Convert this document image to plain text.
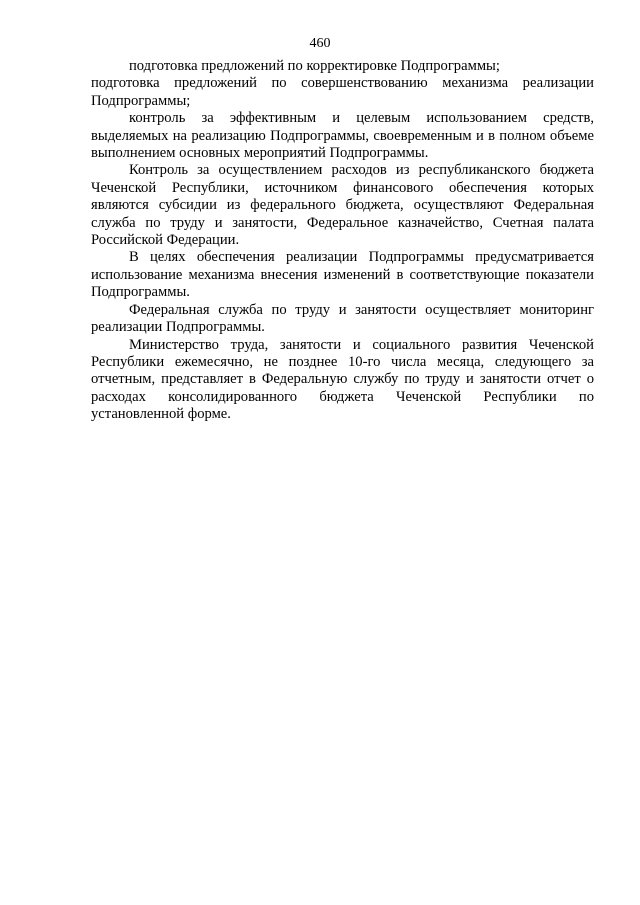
460

подготовка предложений по корректировке Подпрограммы;

подготовка предложений по совершенствованию механизма реализации Подпрограммы;

контроль за эффективным и целевым использованием средств, выделяемых на реализацию Подпрограммы, своевременным и в полном объеме выполнением основных мероприятий Подпрограммы.

Контроль за осуществлением расходов из республиканского бюджета Чеченской Республики, источником финансового обеспечения которых являются субсидии из федерального бюджета, осуществляют Федеральная служба по труду и занятости, Федеральное казначейство, Счетная палата Российской Федерации.

В целях обеспечения реализации Подпрограммы предусматривается использование механизма внесения изменений в соответствующие показатели Подпрограммы.

Федеральная служба по труду и занятости осуществляет мониторинг реализации Подпрограммы.

Министерство труда, занятости и социального развития Чеченской Республики ежемесячно, не позднее 10-го числа месяца, следующего за отчетным, представляет в Федеральную службу по труду и занятости отчет о расходах консолидированного бюджета Чеченской Республики по установленной форме.
